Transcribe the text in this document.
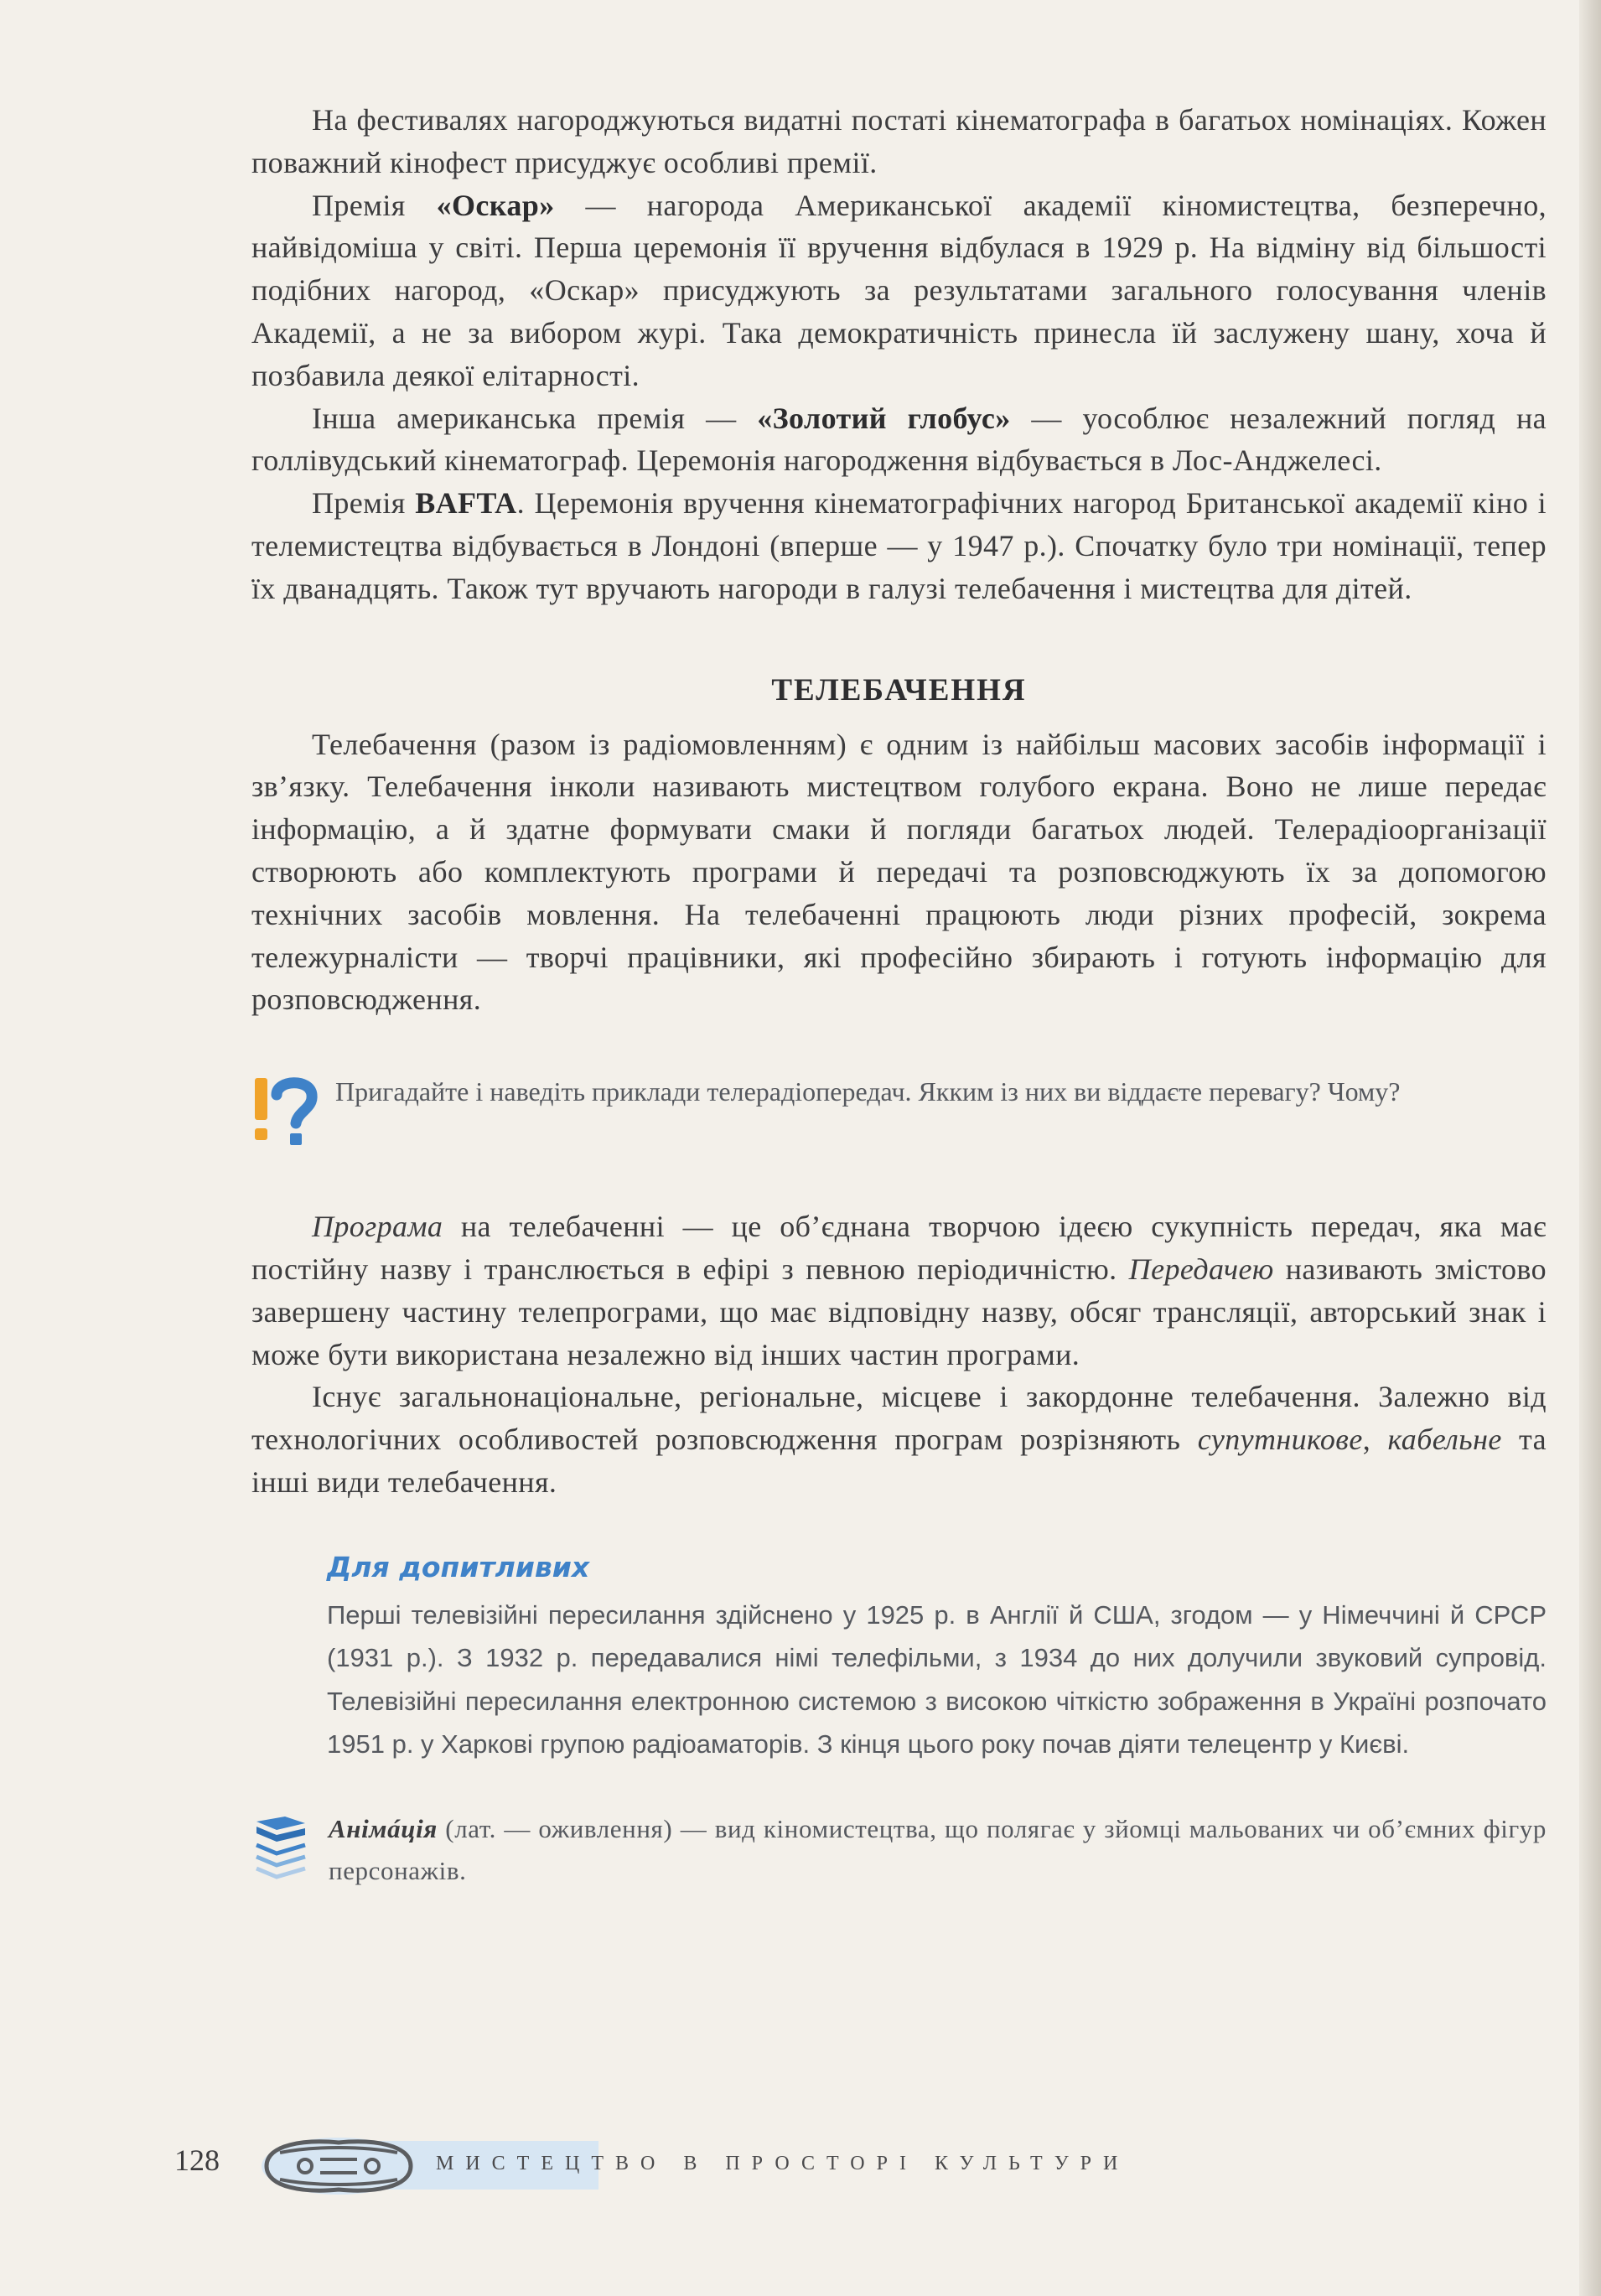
На фестивалях нагороджуються видатні постаті кінематографа в багатьох номінаціях. Кожен поважний кінофест присуджує особливі премії.

Премія «Оскар» — нагорода Американської академії кіномистецтва, безперечно, найвідоміша у світі. Перша церемонія її вручення відбулася в 1929 р. На відміну від більшості подібних нагород, «Оскар» присуджують за результатами загального голосування членів Академії, а не за вибором журі. Така демократичність принесла їй заслужену шану, хоча й позбавила деякої елітарності.

Інша американська премія — «Золотий глобус» — уособлює незалежний погляд на голлівудський кінематограф. Церемонія нагородження відбувається в Лос-Анджелесі.

Премія BAFTA. Церемонія вручення кінематографічних нагород Британської академії кіно і телемистецтва відбувається в Лондоні (вперше — у 1947 р.). Спочатку було три номінації, тепер їх дванадцять. Також тут вручають нагороди в галузі телебачення і мистецтва для дітей.

ТЕЛЕБАЧЕННЯ

Телебачення (разом із радіомовленням) є одним із найбільш масових засобів інформації і зв’язку. Телебачення інколи називають мистецтвом голубого екрана. Воно не лише передає інформацію, а й здатне формувати смаки й погляди багатьох людей. Телерадіоорганізації створюють або комплектують програми й передачі та розповсюджують їх за допомогою технічних засобів мовлення. На телебаченні працюють люди різних професій, зокрема тележурналісти — творчі працівники, які професійно збирають і готують інформацію для розповсюдження.

Пригадайте і наведіть приклади телерадіопередач. Якким із них ви віддаєте перевагу? Чому?

Програма на телебаченні — це об’єднана творчою ідеєю сукупність передач, яка має постійну назву і транслюється в ефірі з певною періодичністю. Передачею називають змістово завершену частину телепрограми, що має відповідну назву, обсяг трансляції, авторський знак і може бути використана незалежно від інших частин програми.

Існує загальнонаціональне, регіональне, місцеве і закордонне телебачення. Залежно від технологічних особливостей розповсюдження програм розрізняють супутникове, кабельне та інші види телебачення.

Для допитливих

Перші телевізійні пересилання здійснено у 1925 р. в Англії й США, згодом — у Німеччині й СРСР (1931 р.). З 1932 р. передавалися німі телефільми, з 1934 до них долучили звуковий супровід. Телевізійні пересилання електронною системою з високою чіткістю зображення в Україні розпочато 1951 р. у Харкові групою радіоаматорів. З кінця цього року почав діяти телецентр у Києві.

Анімáція (лат. — оживлення) — вид кіномистецтва, що полягає у зйомці мальованих чи об’ємних фігур персонажів.

128	МИСТЕЦТВО В ПРОСТОРІ КУЛЬТУРИ
